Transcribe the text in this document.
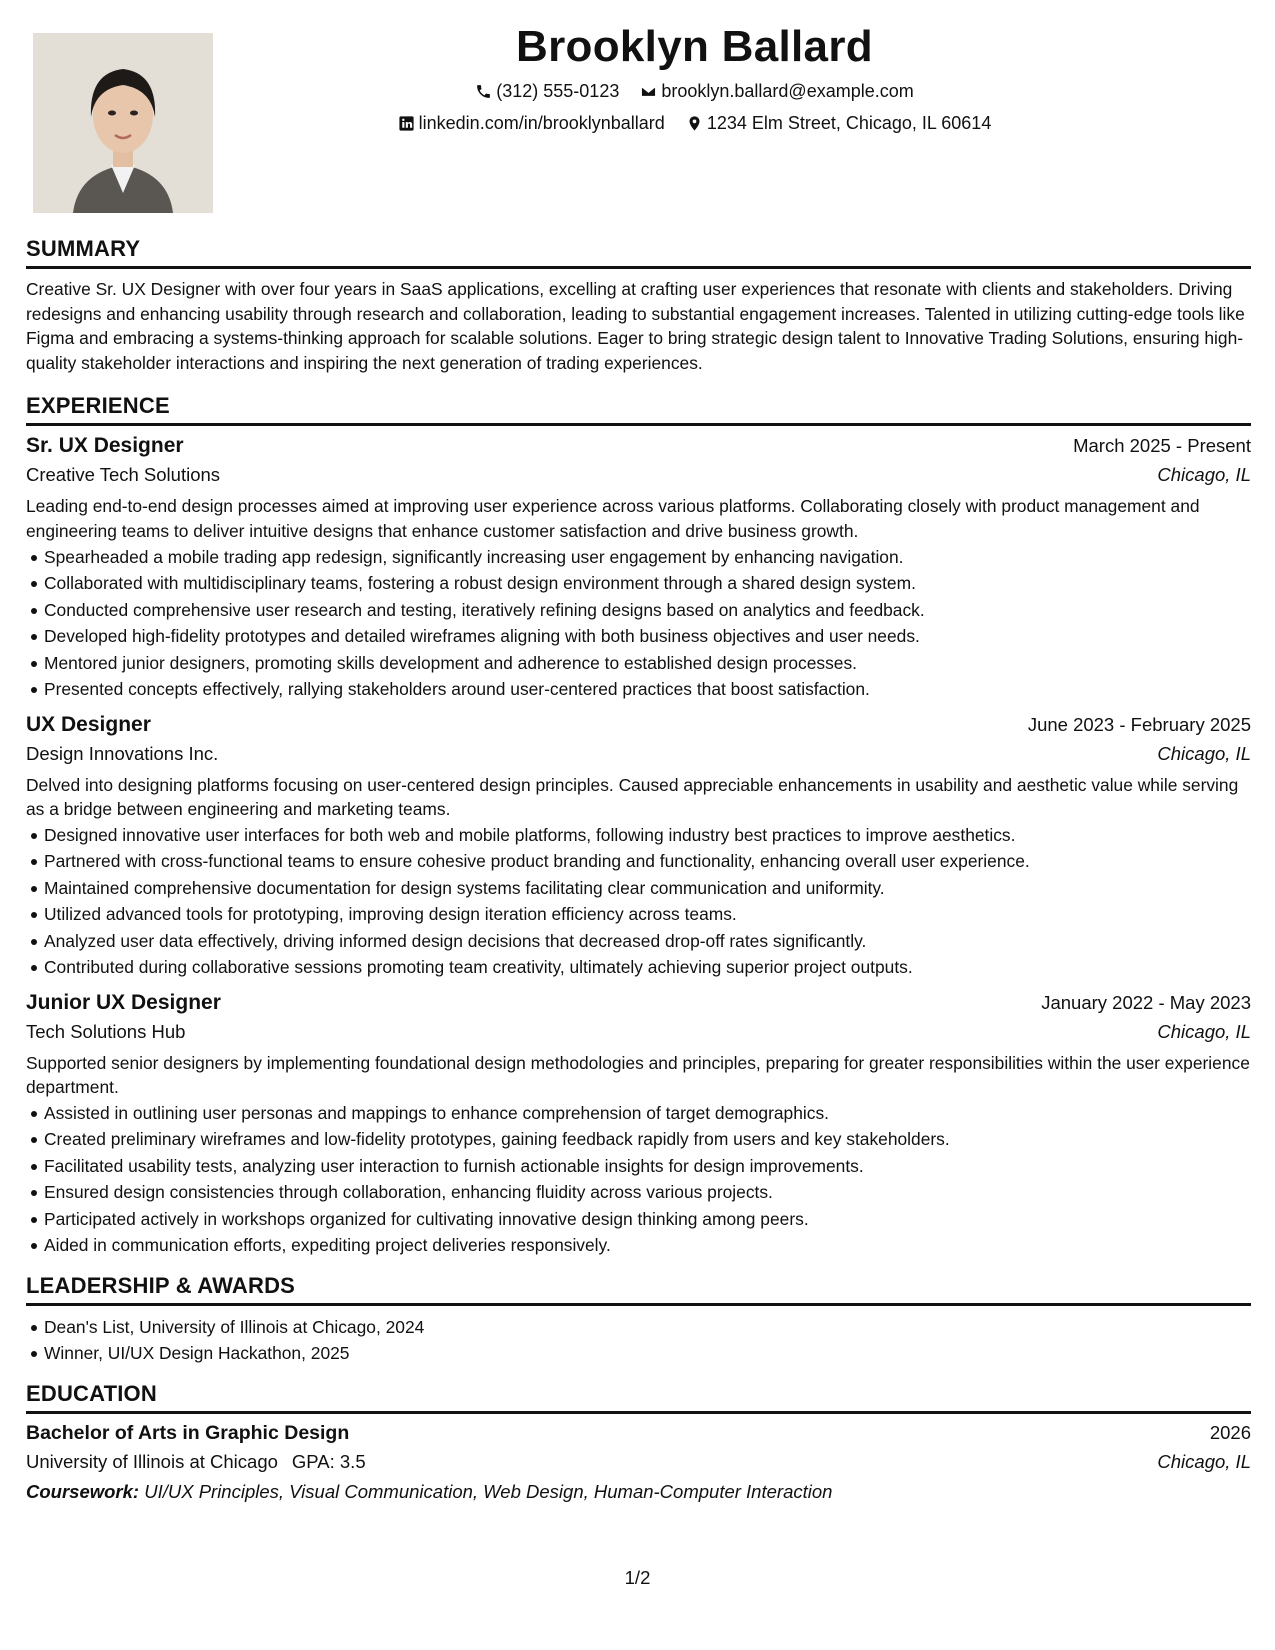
Brooklyn Ballard
(312) 555-0123
brooklyn.ballard@example.com
linkedin.com/in/brooklynballard
1234 Elm Street, Chicago, IL 60614
SUMMARY
Creative Sr. UX Designer with over four years in SaaS applications, excelling at crafting user experiences that resonate with clients and stakeholders. Driving redesigns and enhancing usability through research and collaboration, leading to substantial engagement increases. Talented in utilizing cutting-edge tools like Figma and embracing a systems-thinking approach for scalable solutions. Eager to bring strategic design talent to Innovative Trading Solutions, ensuring high-quality stakeholder interactions and inspiring the next generation of trading experiences.
EXPERIENCE
Sr. UX Designer	March 2025 - Present
Creative Tech Solutions	Chicago, IL
Leading end-to-end design processes aimed at improving user experience across various platforms. Collaborating closely with product management and engineering teams to deliver intuitive designs that enhance customer satisfaction and drive business growth.
Spearheaded a mobile trading app redesign, significantly increasing user engagement by enhancing navigation.
Collaborated with multidisciplinary teams, fostering a robust design environment through a shared design system.
Conducted comprehensive user research and testing, iteratively refining designs based on analytics and feedback.
Developed high-fidelity prototypes and detailed wireframes aligning with both business objectives and user needs.
Mentored junior designers, promoting skills development and adherence to established design processes.
Presented concepts effectively, rallying stakeholders around user-centered practices that boost satisfaction.
UX Designer	June 2023 - February 2025
Design Innovations Inc.	Chicago, IL
Delved into designing platforms focusing on user-centered design principles. Caused appreciable enhancements in usability and aesthetic value while serving as a bridge between engineering and marketing teams.
Designed innovative user interfaces for both web and mobile platforms, following industry best practices to improve aesthetics.
Partnered with cross-functional teams to ensure cohesive product branding and functionality, enhancing overall user experience.
Maintained comprehensive documentation for design systems facilitating clear communication and uniformity.
Utilized advanced tools for prototyping, improving design iteration efficiency across teams.
Analyzed user data effectively, driving informed design decisions that decreased drop-off rates significantly.
Contributed during collaborative sessions promoting team creativity, ultimately achieving superior project outputs.
Junior UX Designer	January 2022 - May 2023
Tech Solutions Hub	Chicago, IL
Supported senior designers by implementing foundational design methodologies and principles, preparing for greater responsibilities within the user experience department.
Assisted in outlining user personas and mappings to enhance comprehension of target demographics.
Created preliminary wireframes and low-fidelity prototypes, gaining feedback rapidly from users and key stakeholders.
Facilitated usability tests, analyzing user interaction to furnish actionable insights for design improvements.
Ensured design consistencies through collaboration, enhancing fluidity across various projects.
Participated actively in workshops organized for cultivating innovative design thinking among peers.
Aided in communication efforts, expediting project deliveries responsively.
LEADERSHIP & AWARDS
Dean's List, University of Illinois at Chicago, 2024
Winner, UI/UX Design Hackathon, 2025
EDUCATION
Bachelor of Arts in Graphic Design	2026
University of Illinois at Chicago GPA: 3.5	Chicago, IL
Coursework: UI/UX Principles, Visual Communication, Web Design, Human-Computer Interaction
1/2
